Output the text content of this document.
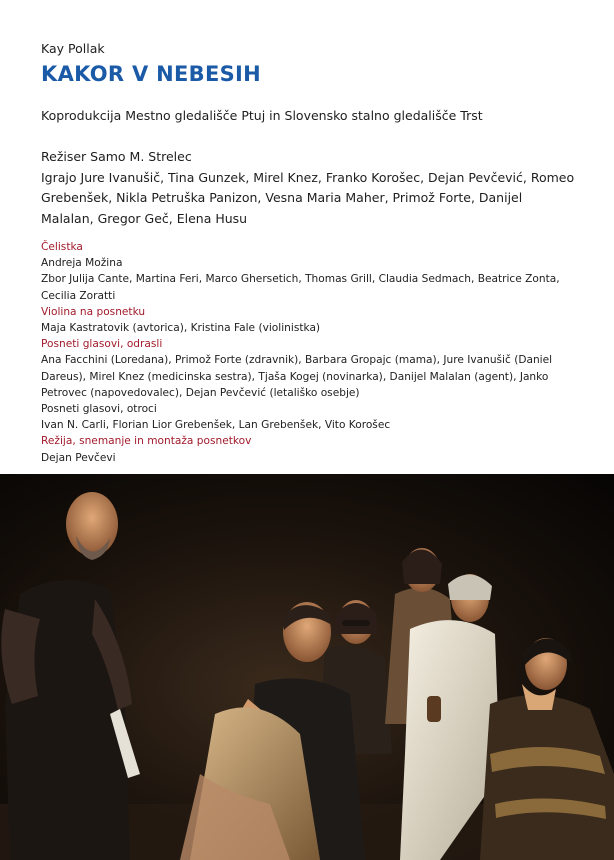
Kay Pollak

KAKOR V NEBESIH

Koprodukcija Mestno gledališče Ptuj in Slovensko stalno gledališče Trst

Režiser Samo M. Strelec
Igrajo Jure Ivanušič, Tina Gunzek, Mirel Knez, Franko Korošec, Dejan Pevčević, Romeo Grebenšek, Nikla Petruška Panizon, Vesna Maria Maher, Primož Forte, Danijel Malalan, Gregor Geč, Elena Husu

Čelistka

Andreja Možina

Zbor Julija Cante, Martina Feri, Marco Ghersetich, Thomas Grill, Claudia Sedmach, Beatrice Zonta, Cecilia Zoratti

Violina na posnetku

Maja Kastratovik (avtorica), Kristina Fale (violinistka)

Posneti glasovi, odrasli

Ana Facchini (Loredana), Primož Forte (zdravnik), Barbara Gropajc (mama), Jure Ivanušič (Daniel Dareus), Mirel Knez (medicinska sestra), Tjaša Kogej (novinarka), Danijel Malalan (agent), Janko Petrovec (napovedovalec), Dejan Pevčević (letališko osebje)

Posneti glasovi, otroci

Ivan N. Carli, Florian Lior Grebenšek, Lan Grebenšek, Vito Korošec

Režija, snemanje in montaža posnetkov

Dejan Pevčevi
